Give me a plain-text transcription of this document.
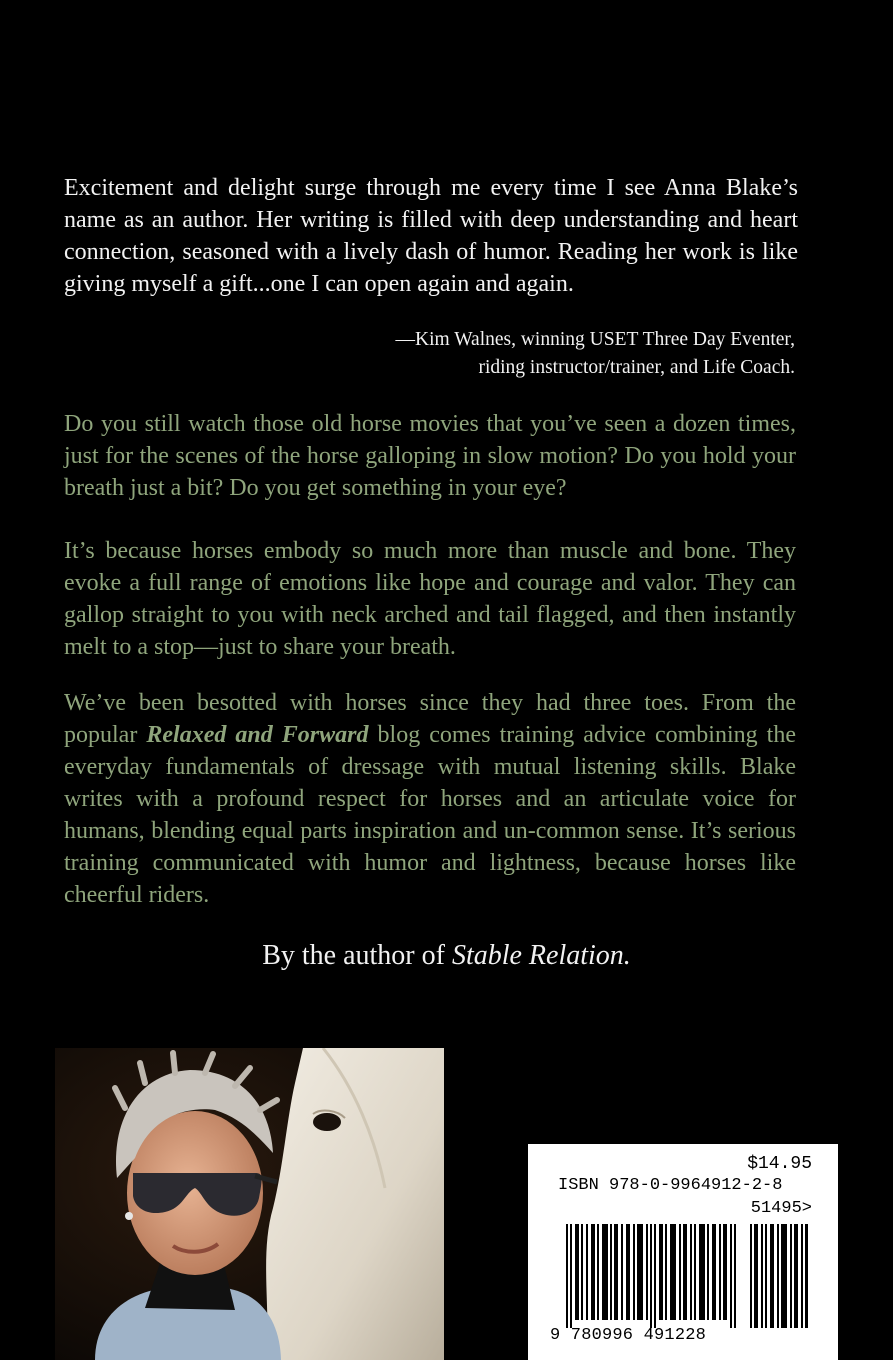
Excitement and delight surge through me every time I see Anna Blake’s name as an author. Her writing is filled with deep understanding and heart connection, seasoned with a lively dash of humor. Reading her work is like giving myself a gift...one I can open again and again.

—Kim Walnes, winning USET Three Day Eventer,
riding instructor/trainer, and Life Coach.

Do you still watch those old horse movies that you’ve seen a dozen times, just for the scenes of the horse galloping in slow motion? Do you hold your breath just a bit? Do you get something in your eye?

It’s because horses embody so much more than muscle and bone. They evoke a full range of emotions like hope and courage and valor. They can gallop straight to you with neck arched and tail flagged, and then instantly melt to a stop—just to share your breath.

We’ve been besotted with horses since they had three toes. From the popular Relaxed and Forward blog comes training advice combining the everyday fundamentals of dressage with mutual listening skills. Blake writes with a profound respect for horses and an articulate voice for humans, blending equal parts inspiration and un-common sense. It’s serious training communicated with humor and lightness, because horses like cheerful riders.

By the author of Stable Relation.
$14.95
ISBN 978-0-9964912-2-8
51495>
9 780996 491228
